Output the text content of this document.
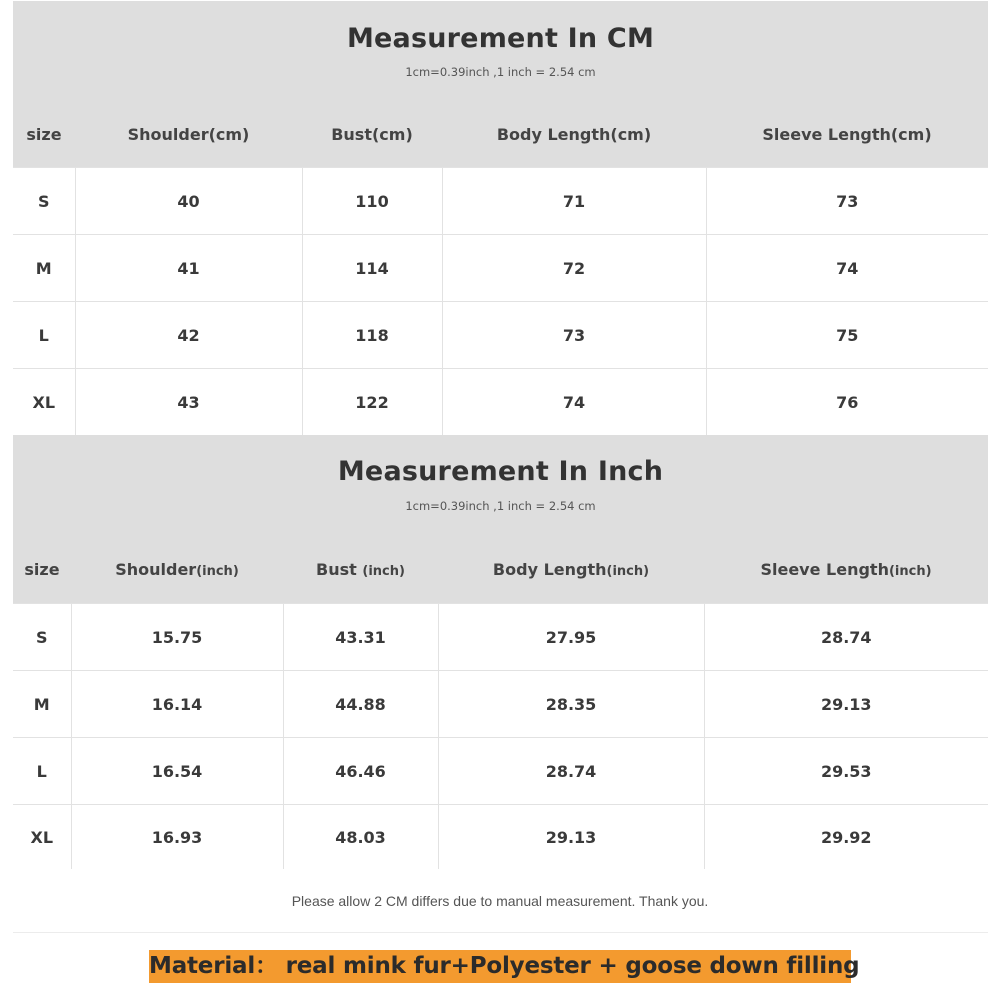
Measurement In CM
1cm=0.39inch ,1 inch = 2.54 cm
size	Shoulder(cm)	Bust(cm)	Body Length(cm)	Sleeve Length(cm)
S	40	110	71	73
M	41	114	72	74
L	42	118	73	75
XL	43	122	74	76
Measurement In Inch
1cm=0.39inch ,1 inch = 2.54 cm
size	Shoulder(inch)	Bust (inch)	Body Length(inch)	Sleeve Length(inch)
S	15.75	43.31	27.95	28.74
M	16.14	44.88	28.35	29.13
L	16.54	46.46	28.74	29.53
XL	16.93	48.03	29.13	29.92
Please allow 2 CM differs due to manual measurement. Thank you.
Material： real mink fur+Polyester + goose down filling
